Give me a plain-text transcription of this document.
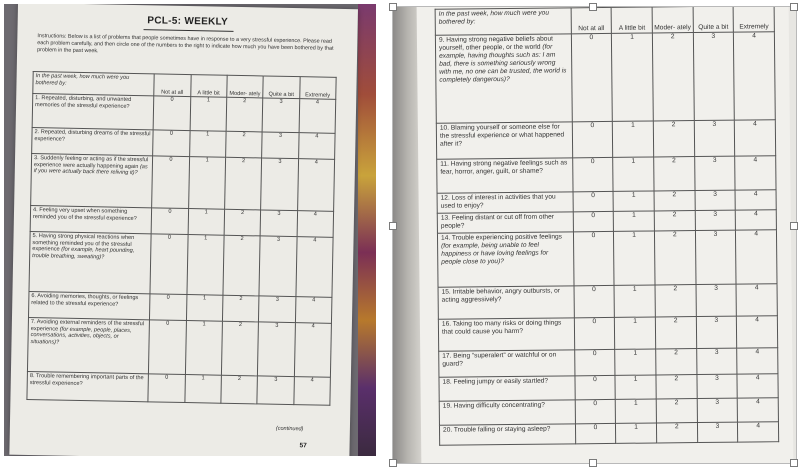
PCL-5: WEEKLY
Instructions: Below is a list of problems that people sometimes have in response to a very stressful experience. Please read each problem carefully, and then circle one of the numbers to the right to indicate how much you have been bothered by that problem in the past week.
In the past week, how much were you bothered by:	Not at all	A little bit	Moder- ately	Quite a bit	Extremely
1. Repeated, disturbing, and unwanted memories of the stressful experience?	0	1	2	3	4
2. Repeated, disturbing dreams of the stressful experience?	0	1	2	3	4
3. Suddenly feeling or acting as if the stressful experience were actually happening again (as if you were actually back there reliving it)?	0	1	2	3	4
4. Feeling very upset when something reminded you of the stressful experience?	0	1	2	3	4
5. Having strong physical reactions when something reminded you of the stressful experience (for example, heart pounding, trouble breathing, sweating)?	0	1	2	3	4
6. Avoiding memories, thoughts, or feelings related to the stressful experience?	0	1	2	3	4
7. Avoiding external reminders of the stressful experience (for example, people, places, conversations, activities, objects, or situations)?	0	1	2	3	4
8. Trouble remembering important parts of the stressful experience?	0	1	2	3	4
(continued)
57
In the past week, how much were you bothered by:	Not at all	A little bit	Moder- ately	Quite a bit	Extremely
9. Having strong negative beliefs about yourself, other people, or the world (for example, having thoughts such as: I am bad, there is something seriously wrong with me, no one can be trusted, the world is completely dangerous)?	0	1	2	3	4
10. Blaming yourself or someone else for the stressful experience or what happened after it?	0	1	2	3	4
11. Having strong negative feelings such as fear, horror, anger, guilt, or shame?	0	1	2	3	4
12. Loss of interest in activities that you used to enjoy?	0	1	2	3	4
13. Feeling distant or cut off from other people?	0	1	2	3	4
14. Trouble experiencing positive feelings (for example, being unable to feel happiness or have loving feelings for people close to you)?	0	1	2	3	4
15. Irritable behavior, angry outbursts, or acting aggressively?	0	1	2	3	4
16. Taking too many risks or doing things that could cause you harm?	0	1	2	3	4
17. Being “superalert” or watchful or on guard?	0	1	2	3	4
18. Feeling jumpy or easily startled?	0	1	2	3	4
19. Having difficulty concentrating?	0	1	2	3	4
20. Trouble falling or staying asleep?	0	1	2	3	4
